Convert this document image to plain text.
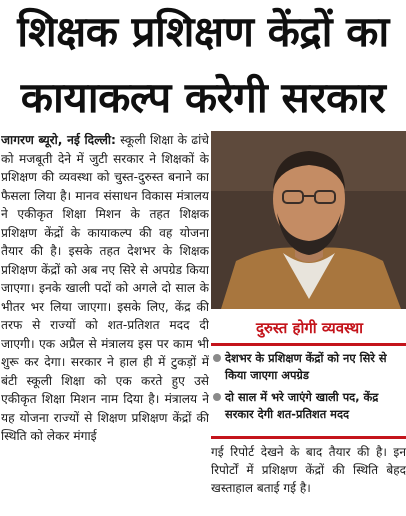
शिक्षक प्रशिक्षण केंद्रों का
कायाकल्प करेगी सरकार

जागरण ब्यूरो, नई दिल्ली: स्कूली शिक्षा के ढांचे को मजबूती देने में जुटी सरकार ने शिक्षकों के प्रशिक्षण की व्यवस्था को चुस्त-दुरुस्त बनाने का फैसला लिया है। मानव संसाधन विकास मंत्रालय ने एकीकृत शिक्षा मिशन के तहत शिक्षक प्रशिक्षण केंद्रों के कायाकल्प की वह योजना तैयार की है। इसके तहत देशभर के शिक्षक प्रशिक्षण केंद्रों को अब नए सिरे से अपग्रेड किया जाएगा। इनके खाली पदों को अगले दो साल के भीतर भर लिया जाएगा। इसके लिए, केंद्र की तरफ से राज्यों को शत-प्रतिशत मदद दी जाएगी। एक अप्रैल से मंत्रालय इस पर काम भी शुरू कर देगा। सरकार ने हाल ही में टुकड़ों में बंटी स्कूली शिक्षा को एक करते हुए उसे एकीकृत शिक्षा मिशन नाम दिया है। मंत्रालय ने यह योजना राज्यों से शिक्षण प्रशिक्षण केंद्रों की स्थिति को लेकर मंगाई

दुरुस्त होगी व्यवस्था
देशभर के प्रशिक्षण केंद्रों को नए सिरे से किया जाएगा अपग्रेड
दो साल में भरे जाएंगे खाली पद, केंद्र सरकार देगी शत-प्रतिशत मदद
गई रिपोर्ट देखने के बाद तैयार की है। इन रिपोर्टों में प्रशिक्षण केंद्रों की स्थिति बेहद खस्ताहाल बताई गई है।
